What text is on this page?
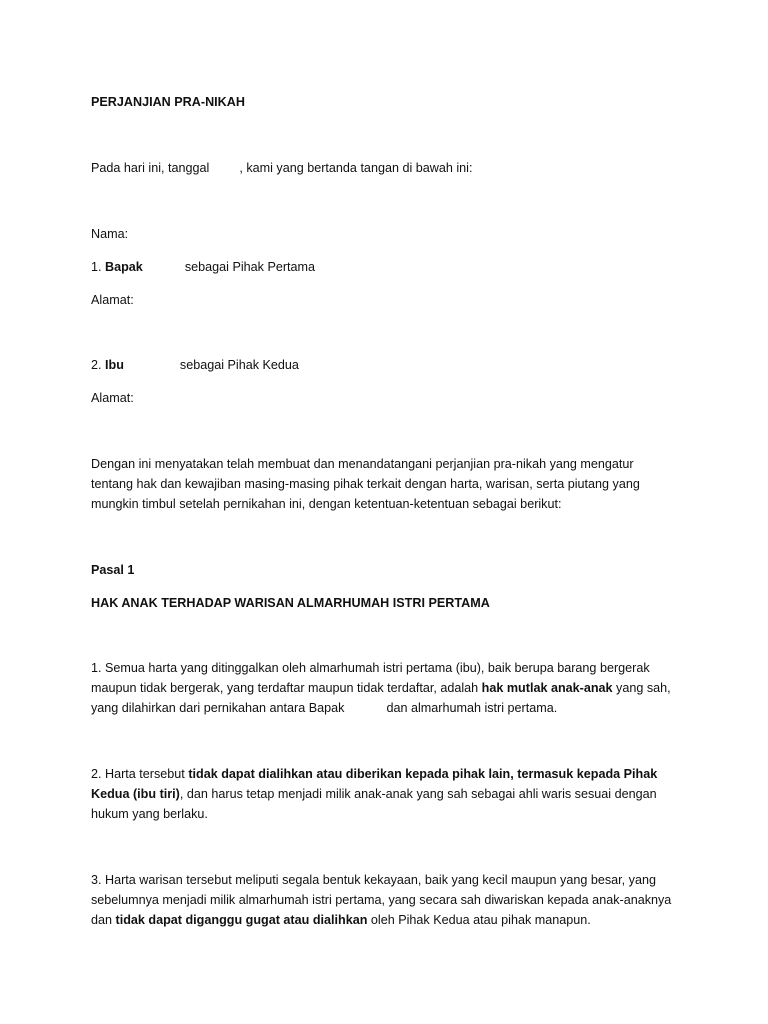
PERJANJIAN PRA-NIKAH
Pada hari ini, tanggal , kami yang bertanda tangan di bawah ini:
Nama:
1. Bapak	sebagai Pihak Pertama
Alamat:
2. Ibu	sebagai Pihak Kedua
Alamat:
Dengan ini menyatakan telah membuat dan menandatangani perjanjian pra-nikah yang mengatur
tentang hak dan kewajiban masing-masing pihak terkait dengan harta, warisan, serta piutang yang
mungkin timbul setelah pernikahan ini, dengan ketentuan-ketentuan sebagai berikut:
Pasal 1
HAK ANAK TERHADAP WARISAN ALMARHUMAH ISTRI PERTAMA
1. Semua harta yang ditinggalkan oleh almarhumah istri pertama (ibu), baik berupa barang bergerak
maupun tidak bergerak, yang terdaftar maupun tidak terdaftar, adalah hak mutlak anak-anak yang sah,
yang dilahirkan dari pernikahan antara Bapak	dan almarhumah istri pertama.
2. Harta tersebut tidak dapat dialihkan atau diberikan kepada pihak lain, termasuk kepada Pihak
Kedua (ibu tiri), dan harus tetap menjadi milik anak-anak yang sah sebagai ahli waris sesuai dengan
hukum yang berlaku.
3. Harta warisan tersebut meliputi segala bentuk kekayaan, baik yang kecil maupun yang besar, yang
sebelumnya menjadi milik almarhumah istri pertama, yang secara sah diwariskan kepada anak-anaknya
dan tidak dapat diganggu gugat atau dialihkan oleh Pihak Kedua atau pihak manapun.
